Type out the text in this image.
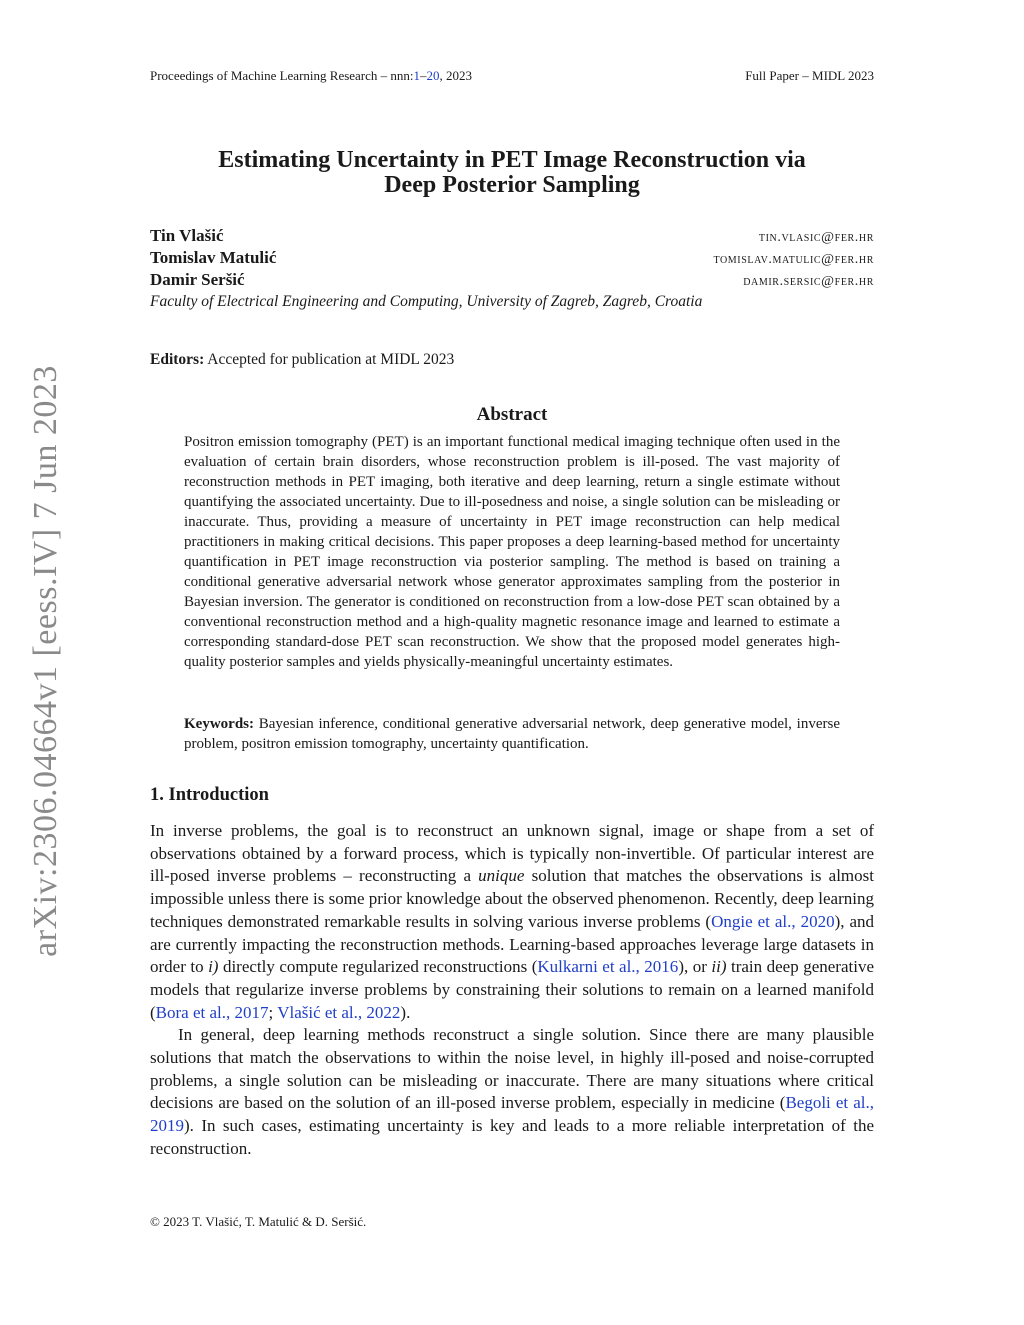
arXiv:2306.04664v1 [eess.IV] 7 Jun 2023
Proceedings of Machine Learning Research – nnn:1–20, 2023	Full Paper – MIDL 2023
Estimating Uncertainty in PET Image Reconstruction via
Deep Posterior Sampling
Tin Vlašić	tin.vlasic@fer.hr
Tomislav Matulić	tomislav.matulic@fer.hr
Damir Seršić	damir.sersic@fer.hr
Faculty of Electrical Engineering and Computing, University of Zagreb, Zagreb, Croatia
Editors: Accepted for publication at MIDL 2023
Abstract
Positron emission tomography (PET) is an important functional medical imaging technique often used in the evaluation of certain brain disorders, whose reconstruction problem is ill-posed. The vast majority of reconstruction methods in PET imaging, both iterative and deep learning, return a single estimate without quantifying the associated uncertainty. Due to ill-posedness and noise, a single solution can be misleading or inaccurate. Thus, providing a measure of uncertainty in PET image reconstruction can help medical practitioners in making critical decisions. This paper proposes a deep learning-based method for uncertainty quantification in PET image reconstruction via posterior sampling. The method is based on training a conditional generative adversarial network whose generator approximates sampling from the posterior in Bayesian inversion. The generator is conditioned on reconstruction from a low-dose PET scan obtained by a conventional reconstruction method and a high-quality magnetic resonance image and learned to estimate a corresponding standard-dose PET scan reconstruction. We show that the proposed model generates high-quality posterior samples and yields physically-meaningful uncertainty estimates.
Keywords: Bayesian inference, conditional generative adversarial network, deep generative model, inverse problem, positron emission tomography, uncertainty quantification.
1. Introduction

In inverse problems, the goal is to reconstruct an unknown signal, image or shape from a set of observations obtained by a forward process, which is typically non-invertible. Of particular interest are ill-posed inverse problems – reconstructing a unique solution that matches the observations is almost impossible unless there is some prior knowledge about the observed phenomenon. Recently, deep learning techniques demonstrated remarkable results in solving various inverse problems (Ongie et al., 2020), and are currently impacting the reconstruction methods. Learning-based approaches leverage large datasets in order to i) directly compute regularized reconstructions (Kulkarni et al., 2016), or ii) train deep generative models that regularize inverse problems by constraining their solutions to remain on a learned manifold (Bora et al., 2017; Vlašić et al., 2022).

In general, deep learning methods reconstruct a single solution. Since there are many plausible solutions that match the observations to within the noise level, in highly ill-posed and noise-corrupted problems, a single solution can be misleading or inaccurate. There are many situations where critical decisions are based on the solution of an ill-posed inverse problem, especially in medicine (Begoli et al., 2019). In such cases, estimating uncertainty is key and leads to a more reliable interpretation of the reconstruction.

© 2023 T. Vlašić, T. Matulić & D. Seršić.
